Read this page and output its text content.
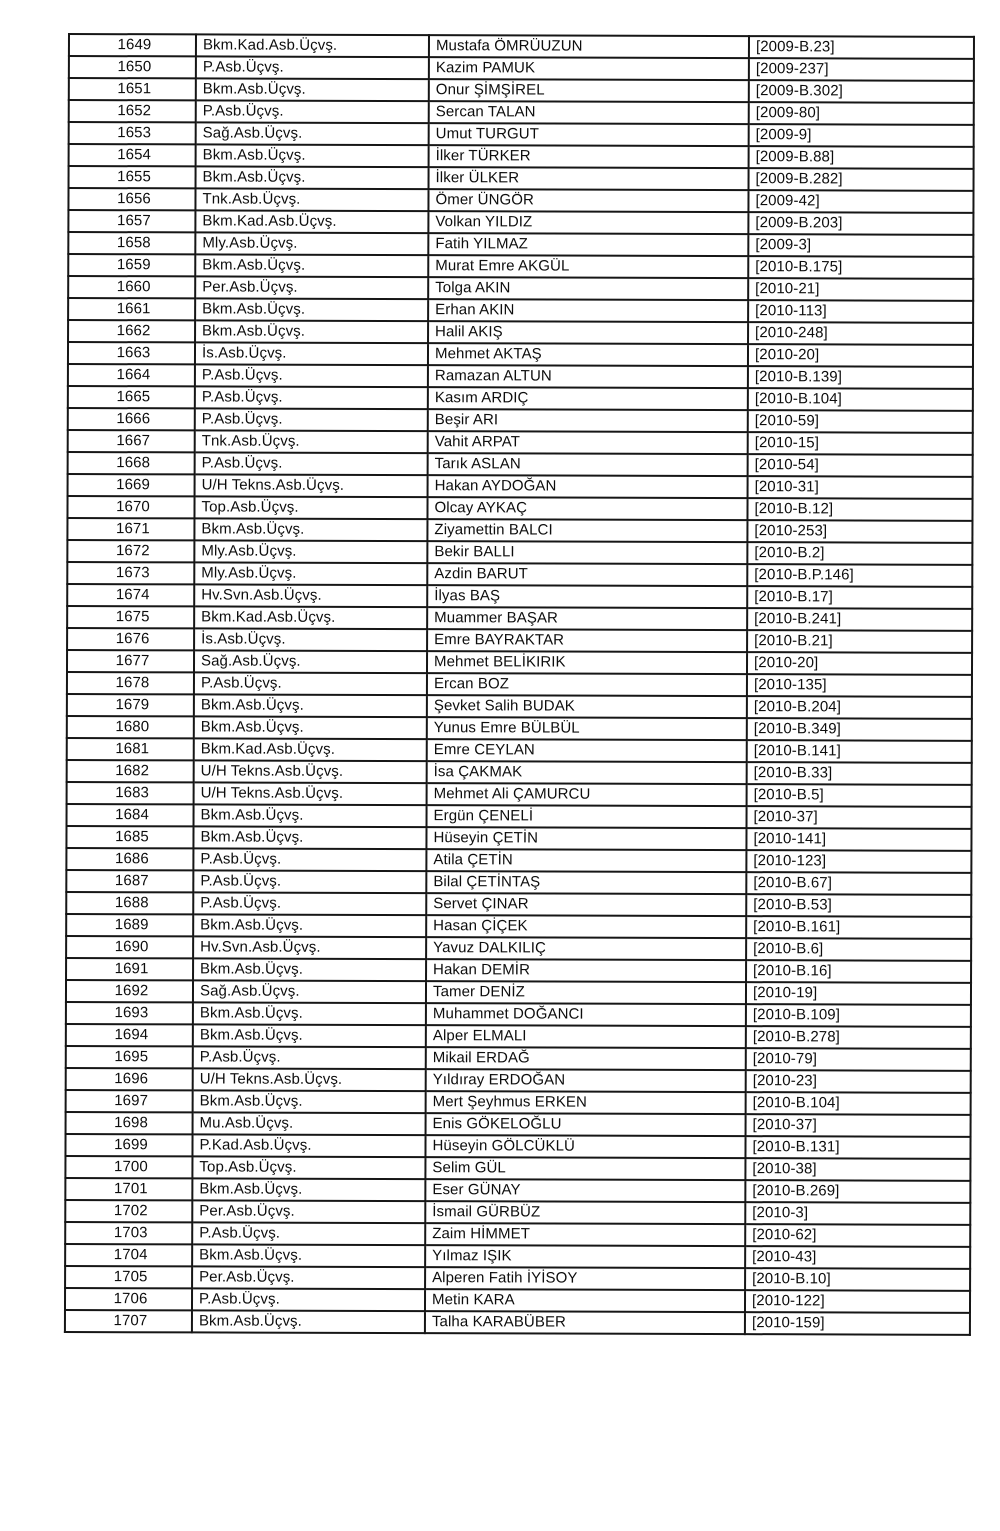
1649	Bkm.Kad.Asb.Üçvş.	Mustafa ÖMRÜUZUN	[2009-B.23]
1650	P.Asb.Üçvş.	Kazim PAMUK	[2009-237]
1651	Bkm.Asb.Üçvş.	Onur ŞİMŞİREL	[2009-B.302]
1652	P.Asb.Üçvş.	Sercan TALAN	[2009-80]
1653	Sağ.Asb.Üçvş.	Umut TURGUT	[2009-9]
1654	Bkm.Asb.Üçvş.	İlker TÜRKER	[2009-B.88]
1655	Bkm.Asb.Üçvş.	İlker ÜLKER	[2009-B.282]
1656	Tnk.Asb.Üçvş.	Ömer ÜNGÖR	[2009-42]
1657	Bkm.Kad.Asb.Üçvş.	Volkan YILDIZ	[2009-B.203]
1658	Mly.Asb.Üçvş.	Fatih YILMAZ	[2009-3]
1659	Bkm.Asb.Üçvş.	Murat Emre AKGÜL	[2010-B.175]
1660	Per.Asb.Üçvş.	Tolga AKIN	[2010-21]
1661	Bkm.Asb.Üçvş.	Erhan AKIN	[2010-113]
1662	Bkm.Asb.Üçvş.	Halil AKIŞ	[2010-248]
1663	İs.Asb.Üçvş.	Mehmet AKTAŞ	[2010-20]
1664	P.Asb.Üçvş.	Ramazan ALTUN	[2010-B.139]
1665	P.Asb.Üçvş.	Kasım ARDIÇ	[2010-B.104]
1666	P.Asb.Üçvş.	Beşir ARI	[2010-59]
1667	Tnk.Asb.Üçvş.	Vahit ARPAT	[2010-15]
1668	P.Asb.Üçvş.	Tarık ASLAN	[2010-54]
1669	U/H Tekns.Asb.Üçvş.	Hakan AYDOĞAN	[2010-31]
1670	Top.Asb.Üçvş.	Olcay AYKAÇ	[2010-B.12]
1671	Bkm.Asb.Üçvş.	Ziyamettin BALCI	[2010-253]
1672	Mly.Asb.Üçvş.	Bekir BALLI	[2010-B.2]
1673	Mly.Asb.Üçvş.	Azdin BARUT	[2010-B.P.146]
1674	Hv.Svn.Asb.Üçvş.	İlyas BAŞ	[2010-B.17]
1675	Bkm.Kad.Asb.Üçvş.	Muammer BAŞAR	[2010-B.241]
1676	İs.Asb.Üçvş.	Emre BAYRAKTAR	[2010-B.21]
1677	Sağ.Asb.Üçvş.	Mehmet BELİKIRIK	[2010-20]
1678	P.Asb.Üçvş.	Ercan BOZ	[2010-135]
1679	Bkm.Asb.Üçvş.	Şevket Salih BUDAK	[2010-B.204]
1680	Bkm.Asb.Üçvş.	Yunus Emre BÜLBÜL	[2010-B.349]
1681	Bkm.Kad.Asb.Üçvş.	Emre CEYLAN	[2010-B.141]
1682	U/H Tekns.Asb.Üçvş.	İsa ÇAKMAK	[2010-B.33]
1683	U/H Tekns.Asb.Üçvş.	Mehmet Ali ÇAMURCU	[2010-B.5]
1684	Bkm.Asb.Üçvş.	Ergün ÇENELİ	[2010-37]
1685	Bkm.Asb.Üçvş.	Hüseyin ÇETİN	[2010-141]
1686	P.Asb.Üçvş.	Atila ÇETİN	[2010-123]
1687	P.Asb.Üçvş.	Bilal ÇETİNTAŞ	[2010-B.67]
1688	P.Asb.Üçvş.	Servet ÇINAR	[2010-B.53]
1689	Bkm.Asb.Üçvş.	Hasan ÇİÇEK	[2010-B.161]
1690	Hv.Svn.Asb.Üçvş.	Yavuz DALKILIÇ	[2010-B.6]
1691	Bkm.Asb.Üçvş.	Hakan DEMİR	[2010-B.16]
1692	Sağ.Asb.Üçvş.	Tamer DENİZ	[2010-19]
1693	Bkm.Asb.Üçvş.	Muhammet DOĞANCI	[2010-B.109]
1694	Bkm.Asb.Üçvş.	Alper ELMALI	[2010-B.278]
1695	P.Asb.Üçvş.	Mikail ERDAĞ	[2010-79]
1696	U/H Tekns.Asb.Üçvş.	Yıldıray ERDOĞAN	[2010-23]
1697	Bkm.Asb.Üçvş.	Mert Şeyhmus ERKEN	[2010-B.104]
1698	Mu.Asb.Üçvş.	Enis GÖKELOĞLU	[2010-37]
1699	P.Kad.Asb.Üçvş.	Hüseyin GÖLCÜKLÜ	[2010-B.131]
1700	Top.Asb.Üçvş.	Selim GÜL	[2010-38]
1701	Bkm.Asb.Üçvş.	Eser GÜNAY	[2010-B.269]
1702	Per.Asb.Üçvş.	İsmail GÜRBÜZ	[2010-3]
1703	P.Asb.Üçvş.	Zaim HİMMET	[2010-62]
1704	Bkm.Asb.Üçvş.	Yılmaz IŞIK	[2010-43]
1705	Per.Asb.Üçvş.	Alperen Fatih İYİSOY	[2010-B.10]
1706	P.Asb.Üçvş.	Metin KARA	[2010-122]
1707	Bkm.Asb.Üçvş.	Talha KARABÜBER	[2010-159]
